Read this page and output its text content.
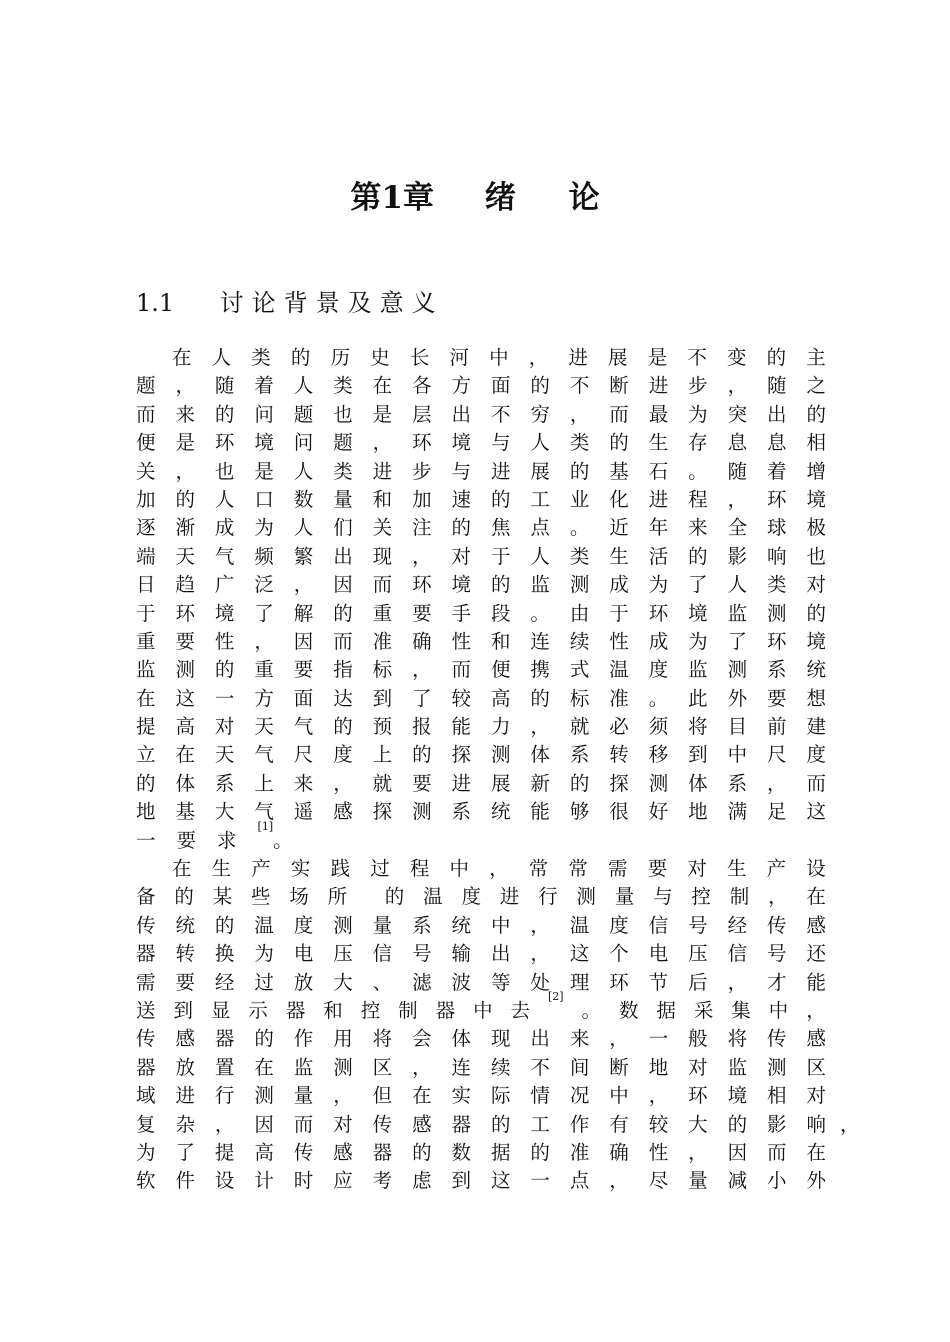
第1章 绪 论
1.1 讨论背景及意义
在 人 类 的 历 史 长 河 中 ， 进 展 是 不 变 的 主
题 ， 随 着 人 类 在 各 方 面 的 不 断 进 步 ， 随 之
而 来 的 问 题 也 是 层 出 不 穷 ， 而 最 为 突 出 的
便 是 环 境 问 题 ， 环 境 与 人 类 的 生 存 息 息 相
关 ， 也 是 人 类 进 步 与 进 展 的 基 石 。 随 着 增
加 的 人 口 数 量 和 加 速 的 工 业 化 进 程 ， 环 境
逐 渐 成 为 人 们 关 注 的 焦 点 。 近 年 来 全 球 极
端 天 气 频 繁 出 现 ， 对 于 人 类 生 活 的 影 响 也
日 趋 广 泛 ， 因 而 环 境 的 监 测 成 为 了 人 类 对
于 环 境 了 解 的 重 要 手 段 。 由 于 环 境 监 测 的
重 要 性 ， 因 而 准 确 性 和 连 续 性 成 为 了 环 境
监 测 的 重 要 指 标 ， 而 便 携 式 温 度 监 测 系 统
在 这 一 方 面 达 到 了 较 高 的 标 准 。 此 外 要 想
提 高 对 天 气 的 预 报 能 力 ， 就 必 须 将 目 前 建
立 在 天 气 尺 度 上 的 探 测 体 系 转 移 到 中 尺 度
的 体 系 上 来 ， 就 要 进 展 新 的 探 测 体 系 ， 而
地 基 大 气 遥 感 探 测 系 统 能 够 很 好 地 满 足 这
一 要 求
[1]
。
在 生 产 实 践 过 程 中 ， 常 常 需 要 对 生 产 设
备 的 某 些 场 所 的 温 度 进 行 测 量 与 控 制 ， 在
传 统 的 温 度 测 量 系 统 中 ， 温 度 信 号 经 传 感
器 转 换 为 电 压 信 号 输 出 ， 这 个 电 压 信 号 还
需 要 经 过 放 大 、 滤 波 等 处 理 环 节 后 ， 才 能
送 到 显 示 器 和 控 制 器 中 去
[2]
。 数 据 采 集 中 ，
传 感 器 的 作 用 将 会 体 现 出 来 ， 一 般 将 传 感
器 放 置 在 监 测 区 ， 连 续 不 间 断 地 对 监 测 区
域 进 行 测 量 ， 但 在 实 际 情 况 中 ， 环 境 相 对
复 杂 ， 因 而 对 传 感 器 的 工 作 有 较 大 的 影 响 ，
为 了 提 高 传 感 器 的 数 据 的 准 确 性 ， 因 而 在
软 件 设 计 时 应 考 虑 到 这 一 点 ， 尽 量 减 小 外
